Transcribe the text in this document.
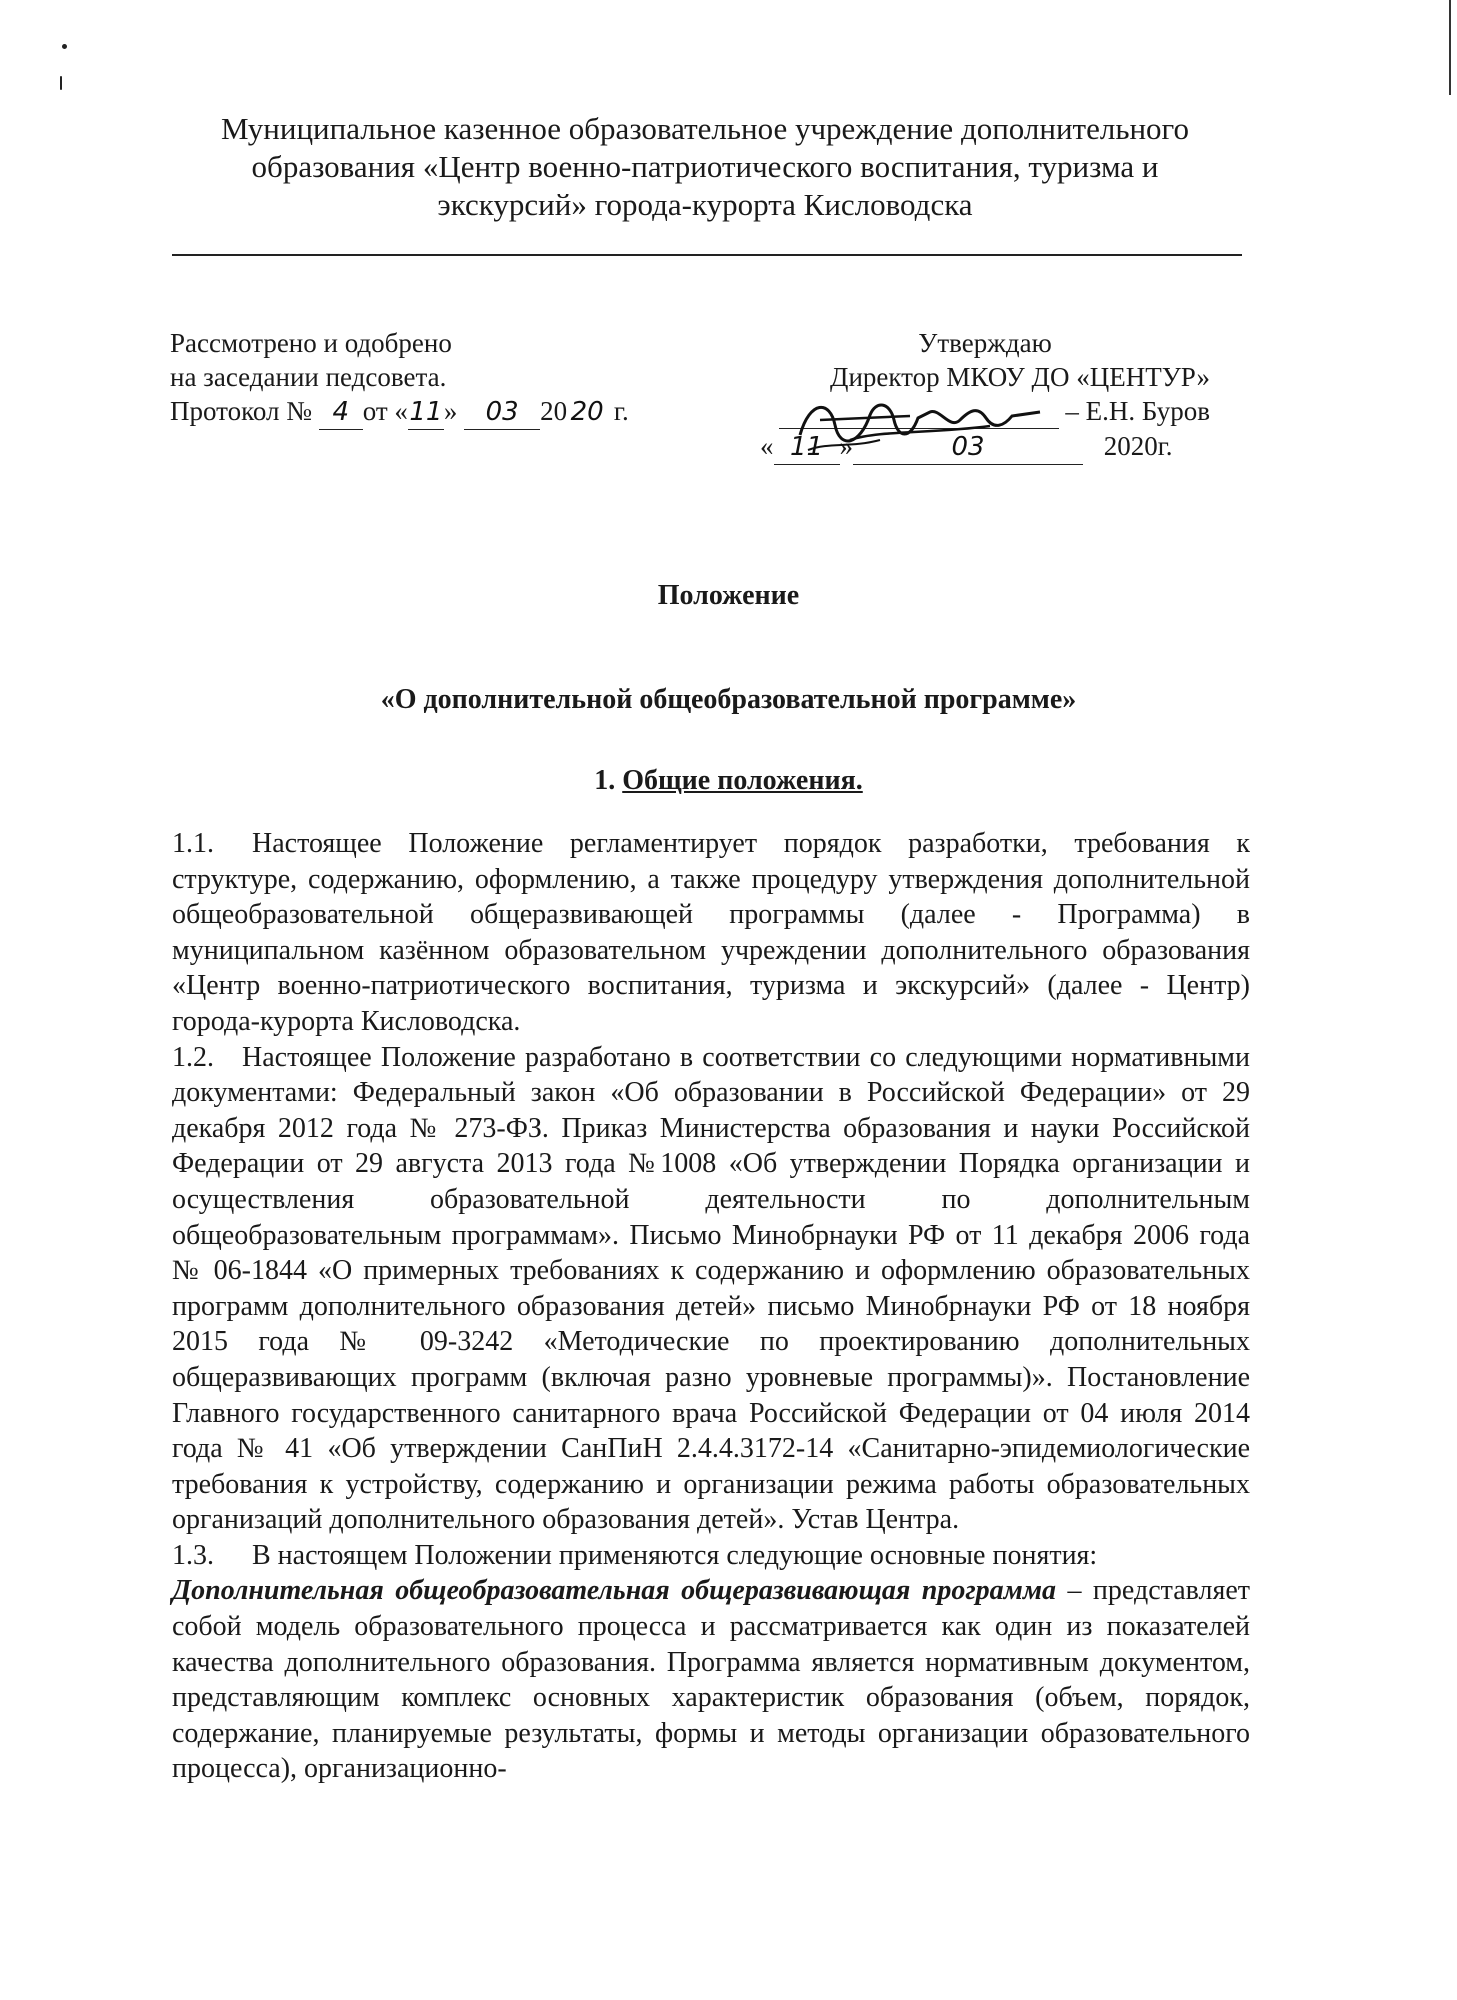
Муниципальное казенное образовательное учреждение дополнительного
образования «Центр военно-патриотического воспитания, туризма и
экскурсий» города-курорта Кисловодска
Рассмотрено и одобрено
на заседании педсовета.
Протокол № 4 от «11» 03 20 20 г.
Утверждаю
Директор МКОУ ДО «ЦЕНТУР»
– Е.Н. Буров
« 11 »	03	2020г.
Положение
«О дополнительной общеобразовательной программе»
1. Общие положения.

1.1. Настоящее Положение регламентирует порядок разработки, требования к структуре, содержанию, оформлению, а также процедуру утверждения дополнительной общеобразовательной общеразвивающей программы (далее - Программа) в муниципальном казённом образовательном учреждении дополнительного образования «Центр военно-патриотического воспитания, туризма и экскурсий» (далее - Центр) города-курорта Кисловодска.

1.2. Настоящее Положение разработано в соответствии со следующими нормативными документами: Федеральный закон «Об образовании в Российской Федерации» от 29 декабря 2012 года № 273-ФЗ. Приказ Министерства образования и науки Российской Федерации от 29 августа 2013 года №1008 «Об утверждении Порядка организации и осуществления образовательной деятельности по дополнительным общеобразовательным программам». Письмо Минобрнауки РФ от 11 декабря 2006 года № 06-1844 «О примерных требованиях к содержанию и оформлению образовательных программ дополнительного образования детей» письмо Минобрнауки РФ от 18 ноября 2015 года № 09-3242 «Методические по проектированию дополнительных общеразвивающих программ (включая разно уровневые программы)». Постановление Главного государственного санитарного врача Российской Федерации от 04 июля 2014 года № 41 «Об утверждении СанПиН 2.4.4.3172-14 «Санитарно-эпидемиологические требования к устройству, содержанию и организации режима работы образовательных организаций дополнительного образования детей». Устав Центра.

1.3. В настоящем Положении применяются следующие основные понятия:

Дополнительная общеобразовательная общеразвивающая программа – представляет собой модель образовательного процесса и рассматривается как один из показателей качества дополнительного образования. Программа является нормативным документом, представляющим комплекс основных характеристик образования (объем, порядок, содержание, планируемые результаты, формы и методы организации образовательного процесса), организационно-
